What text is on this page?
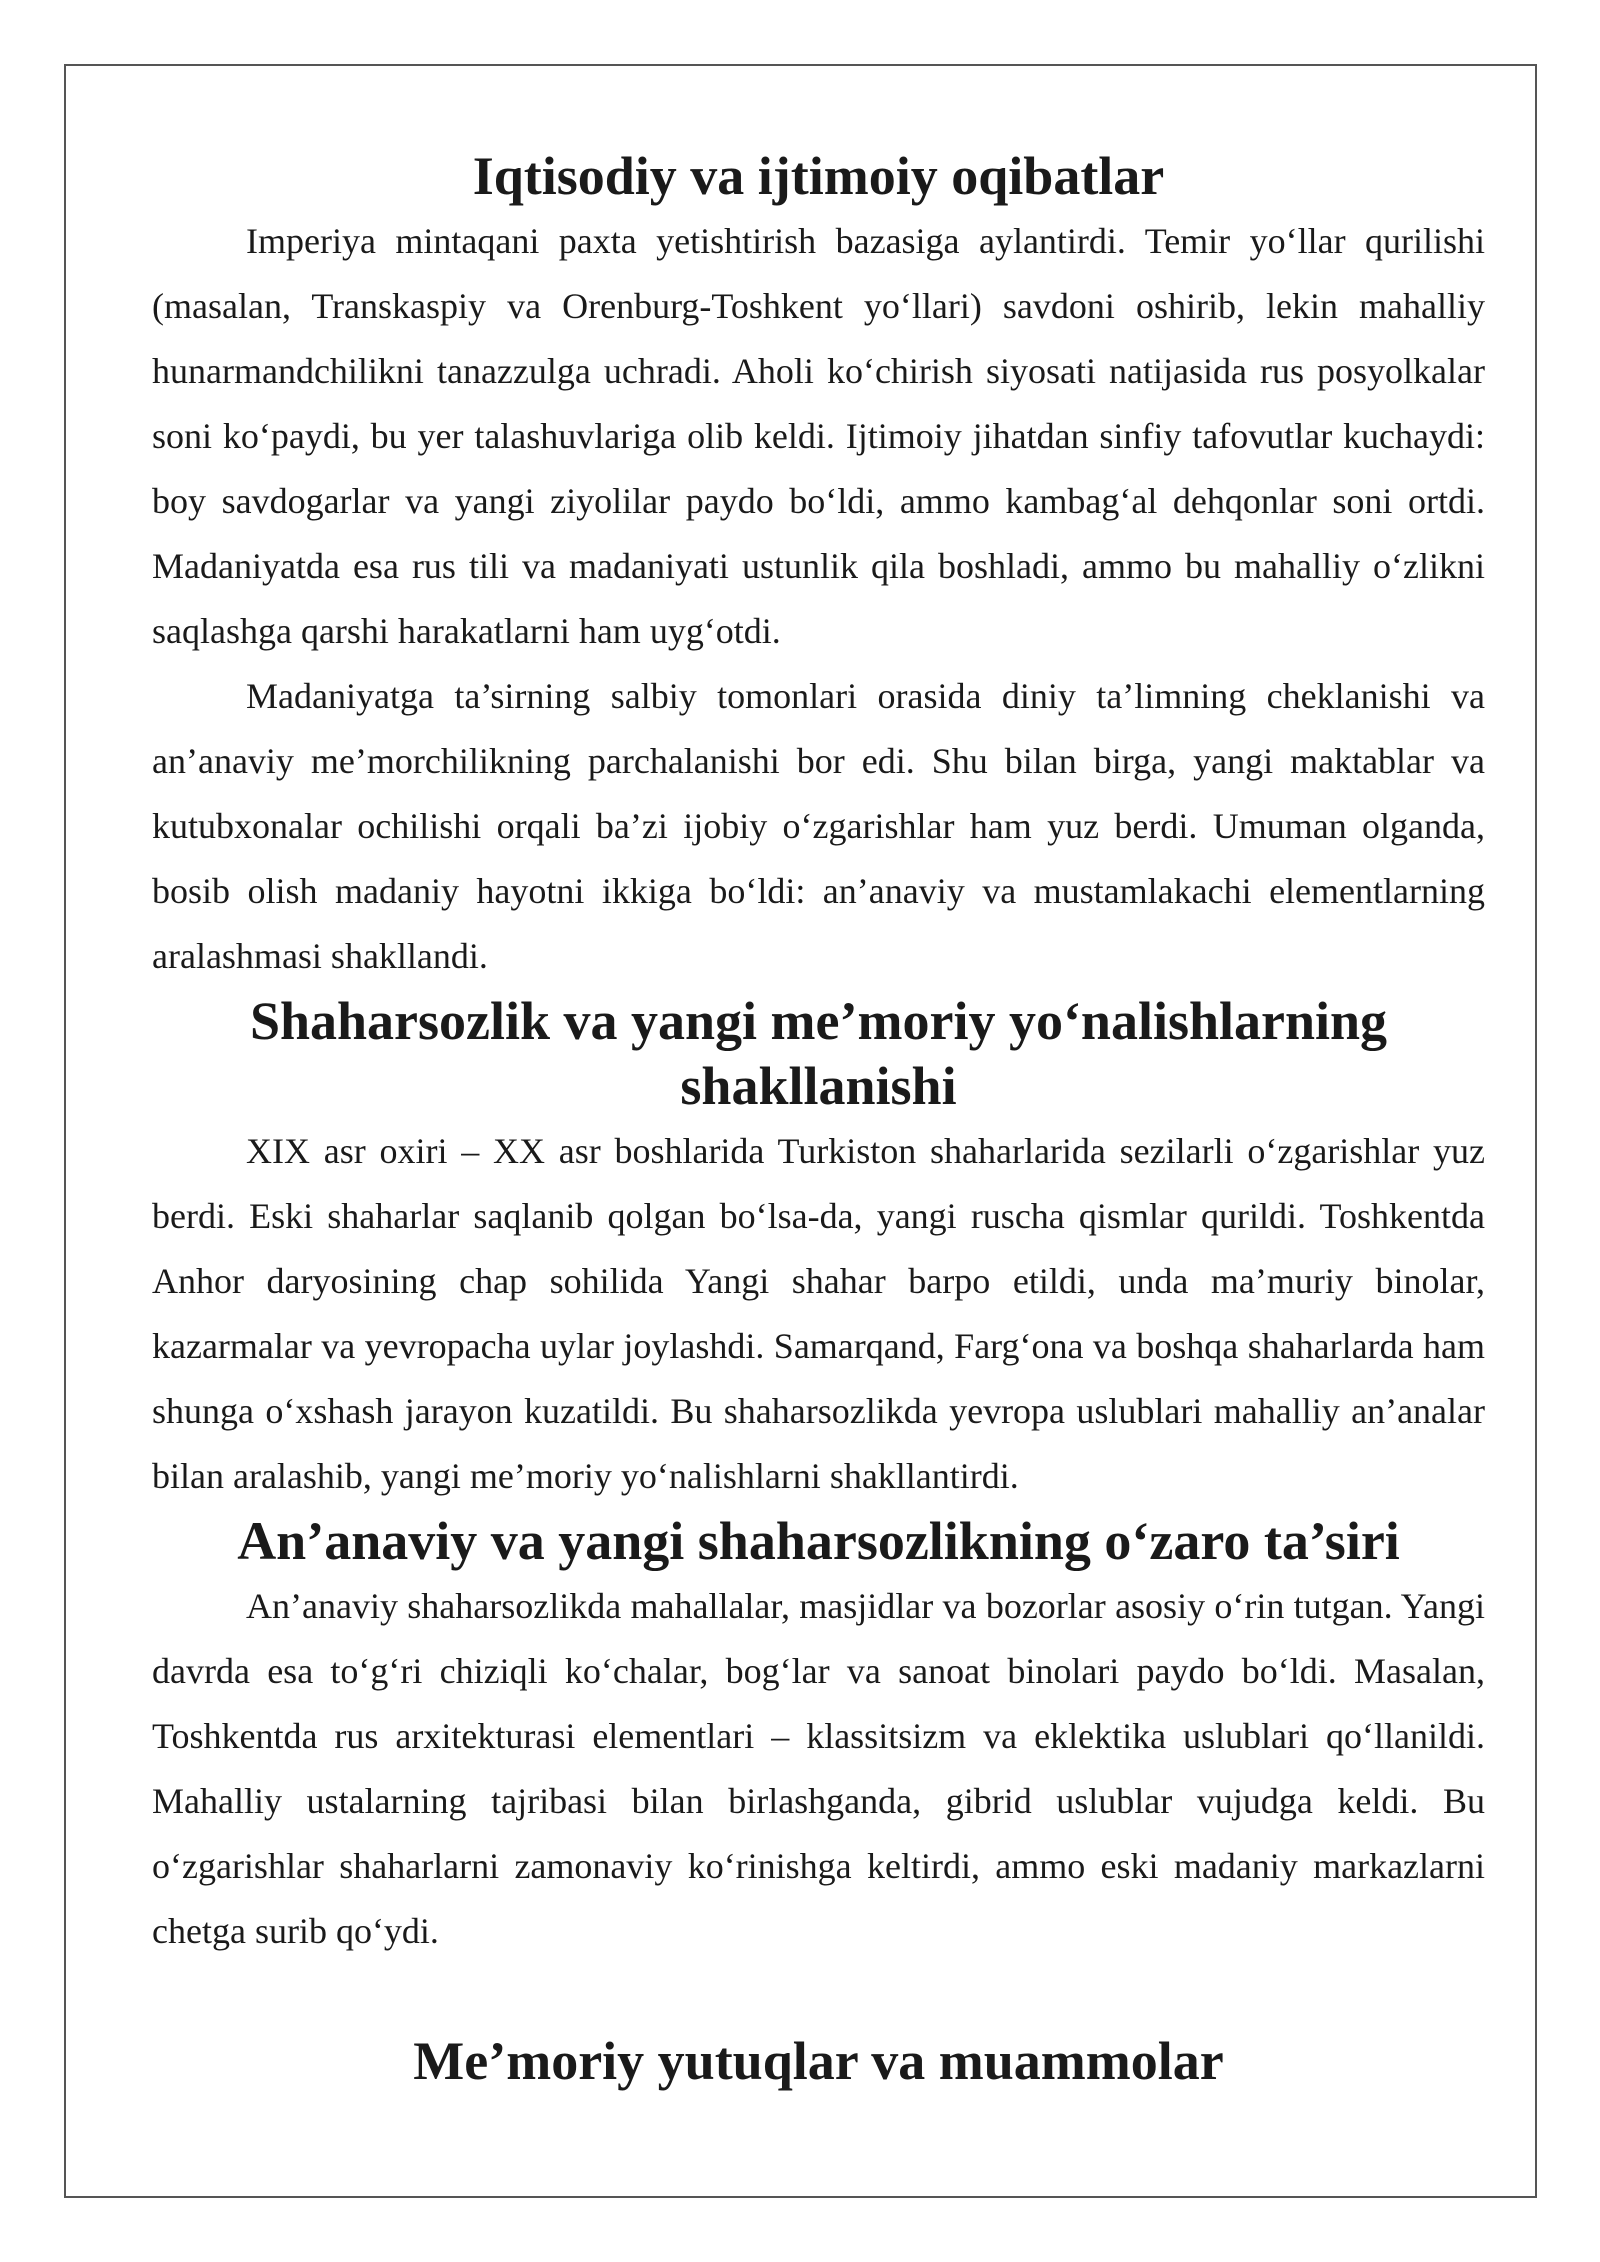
Iqtisodiy va ijtimoiy oqibatlar

Imperiya mintaqani paxta yetishtirish bazasiga aylantirdi. Temir yo‘llar qurilishi (masalan, Transkaspiy va Orenburg-Toshkent yo‘llari) savdoni oshirib, lekin mahalliy hunarmandchilikni tanazzulga uchradi. Aholi ko‘chirish siyosati natijasida rus posyolkalar soni ko‘paydi, bu yer talashuvlariga olib keldi. Ijtimoiy jihatdan sinfiy tafovutlar kuchaydi: boy savdogarlar va yangi ziyolilar paydo bo‘ldi, ammo kambag‘al dehqonlar soni ortdi. Madaniyatda esa rus tili va madaniyati ustunlik qila boshladi, ammo bu mahalliy o‘zlikni saqlashga qarshi harakatlarni ham uyg‘otdi.

Madaniyatga ta’sirning salbiy tomonlari orasida diniy ta’limning cheklanishi va an’anaviy me’morchilikning parchalanishi bor edi. Shu bilan birga, yangi maktablar va kutubxonalar ochilishi orqali ba’zi ijobiy o‘zgarishlar ham yuz berdi. Umuman olganda, bosib olish madaniy hayotni ikkiga bo‘ldi: an’anaviy va mustamlakachi elementlarning aralashmasi shakllandi.

Shaharsozlik va yangi me’moriy yo‘nalishlarning shakllanishi

XIX asr oxiri – XX asr boshlarida Turkiston shaharlarida sezilarli o‘zgarishlar yuz berdi. Eski shaharlar saqlanib qolgan bo‘lsa-da, yangi ruscha qismlar qurildi. Toshkentda Anhor daryosining chap sohilida Yangi shahar barpo etildi, unda ma’muriy binolar, kazarmalar va yevropacha uylar joylashdi. Samarqand, Farg‘ona va boshqa shaharlarda ham shunga o‘xshash jarayon kuzatildi. Bu shaharsozlikda yevropa uslublari mahalliy an’analar bilan aralashib, yangi me’moriy yo‘nalishlarni shakllantirdi.

An’anaviy va yangi shaharsozlikning o‘zaro ta’siri

An’anaviy shaharsozlikda mahallalar, masjidlar va bozorlar asosiy o‘rin tutgan. Yangi davrda esa to‘g‘ri chiziqli ko‘chalar, bog‘lar va sanoat binolari paydo bo‘ldi. Masalan, Toshkentda rus arxitekturasi elementlari – klassitsizm va eklektika uslublari qo‘llanildi. Mahalliy ustalarning tajribasi bilan birlashganda, gibrid uslublar vujudga keldi. Bu o‘zgarishlar shaharlarni zamonaviy ko‘rinishga keltirdi, ammo eski madaniy markazlarni chetga surib qo‘ydi.

Me’moriy yutuqlar va muammolar
